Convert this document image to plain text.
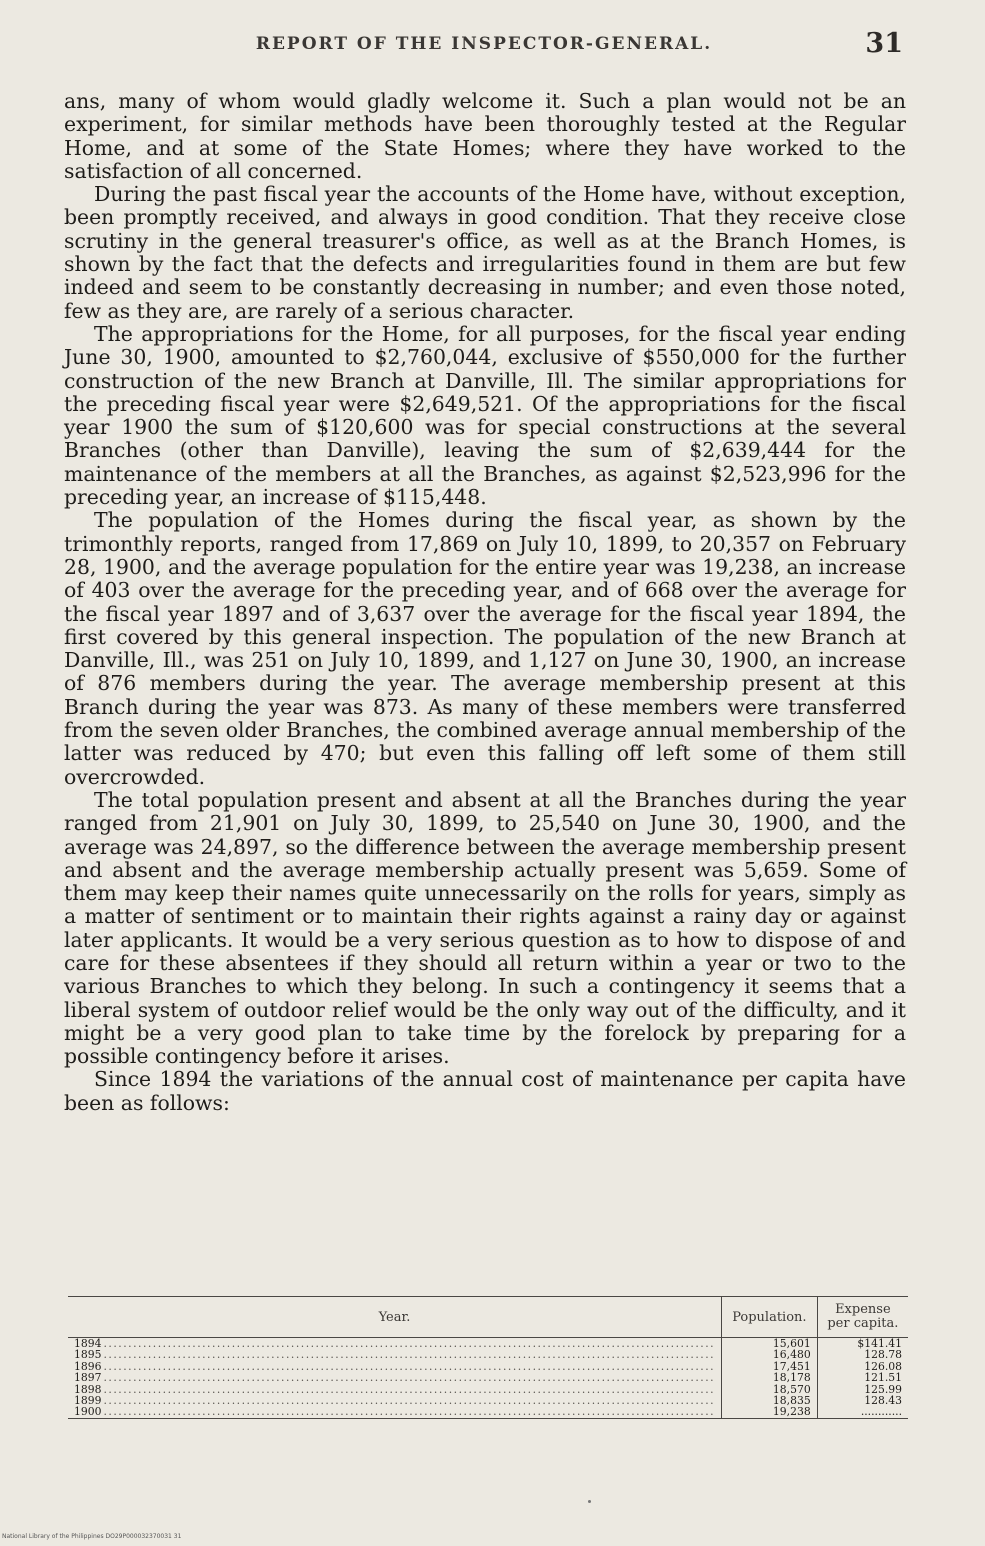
REPORT OF THE INSPECTOR-GENERAL.	31

ans, many of whom would gladly welcome it. Such a plan would not be an experiment, for similar methods have been thoroughly tested at the Regular Home, and at some of the State Homes; where they have worked to the satisfaction of all concerned.

During the past fiscal year the accounts of the Home have, without exception, been promptly received, and always in good condition. That they receive close scrutiny in the general treasurer's office, as well as at the Branch Homes, is shown by the fact that the defects and irregularities found in them are but few indeed and seem to be constantly decreasing in number; and even those noted, few as they are, are rarely of a serious character.

The appropriations for the Home, for all purposes, for the fiscal year ending June 30, 1900, amounted to $2,760,044, exclusive of $550,000 for the further construction of the new Branch at Danville, Ill. The similar appropriations for the preceding fiscal year were $2,649,521. Of the appropriations for the fiscal year 1900 the sum of $120,600 was for special constructions at the several Branches (other than Danville), leaving the sum of $2,639,444 for the maintenance of the members at all the Branches, as against $2,523,996 for the preceding year, an increase of $115,448.

The population of the Homes during the fiscal year, as shown by the trimonthly reports, ranged from 17,869 on July 10, 1899, to 20,357 on February 28, 1900, and the average population for the entire year was 19,238, an increase of 403 over the average for the preceding year, and of 668 over the average for the fiscal year 1897 and of 3,637 over the average for the fiscal year 1894, the first covered by this general inspection. The population of the new Branch at Danville, Ill., was 251 on July 10, 1899, and 1,127 on June 30, 1900, an increase of 876 members during the year. The average membership present at this Branch during the year was 873. As many of these members were transferred from the seven older Branches, the combined average annual membership of the latter was reduced by 470; but even this falling off left some of them still overcrowded.

The total population present and absent at all the Branches during the year ranged from 21,901 on July 30, 1899, to 25,540 on June 30, 1900, and the average was 24,897, so the difference between the average membership present and absent and the average membership actually present was 5,659. Some of them may keep their names quite unnecessarily on the rolls for years, simply as a matter of sentiment or to maintain their rights against a rainy day or against later applicants. It would be a very serious question as to how to dispose of and care for these absentees if they should all return within a year or two to the various Branches to which they belong. In such a contingency it seems that a liberal system of outdoor relief would be the only way out of the difficulty, and it might be a very good plan to take time by the forelock by preparing for a possible contingency before it arises.

Since 1894 the variations of the annual cost of maintenance per capita have been as follows:

Year.	Population.	Expense per capita.

1894 ............................................................................................................................	15,601	$141.41

1895 ............................................................................................................................	16,480	128.78

1896 ............................................................................................................................	17,451	126.08

1897 ............................................................................................................................	18,178	121.51

1898 ............................................................................................................................	18,570	125.99

1899 ............................................................................................................................	18,835	128.43

1900 ............................................................................................................................	19,238	............
National Library of the Philippines DO29P000032370031 31
